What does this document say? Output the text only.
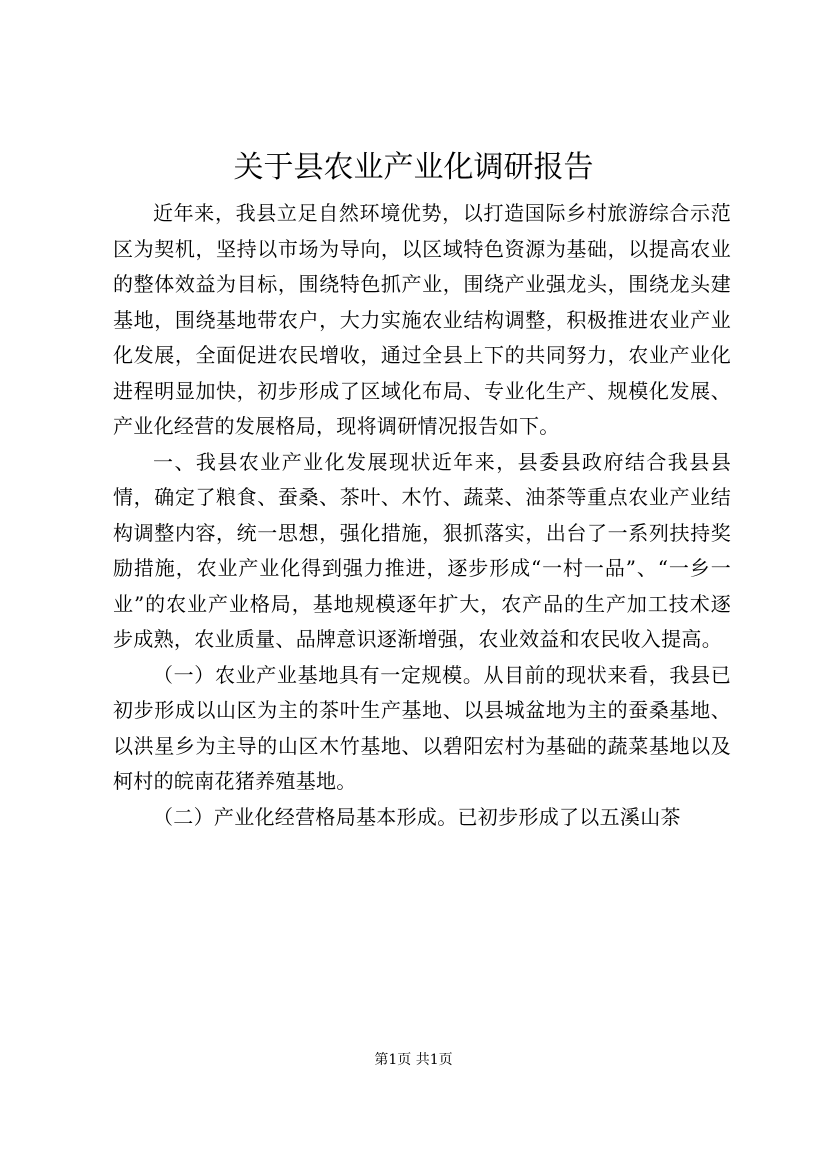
关于县农业产业化调研报告

近年来，我县立足自然环境优势，以打造国际乡村旅游综合示范区为契机，坚持以市场为导向，以区域特色资源为基础，以提高农业的整体效益为目标，围绕特色抓产业，围绕产业强龙头，围绕龙头建基地，围绕基地带农户，大力实施农业结构调整，积极推进农业产业化发展，全面促进农民增收，通过全县上下的共同努力，农业产业化进程明显加快，初步形成了区域化布局、专业化生产、规模化发展、产业化经营的发展格局，现将调研情况报告如下。

一、我县农业产业化发展现状近年来，县委县政府结合我县县情，确定了粮食、蚕桑、茶叶、木竹、蔬菜、油茶等重点农业产业结构调整内容，统一思想，强化措施，狠抓落实，出台了一系列扶持奖励措施，农业产业化得到强力推进，逐步形成“一村一品”、“一乡一业”的农业产业格局，基地规模逐年扩大，农产品的生产加工技术逐步成熟，农业质量、品牌意识逐渐增强，农业效益和农民收入提高。

（一）农业产业基地具有一定规模。从目前的现状来看，我县已初步形成以山区为主的茶叶生产基地、以县城盆地为主的蚕桑基地、以洪星乡为主导的山区木竹基地、以碧阳宏村为基础的蔬菜基地以及柯村的皖南花猪养殖基地。

（二）产业化经营格局基本形成。已初步形成了以五溪山茶

第1页 共1页
